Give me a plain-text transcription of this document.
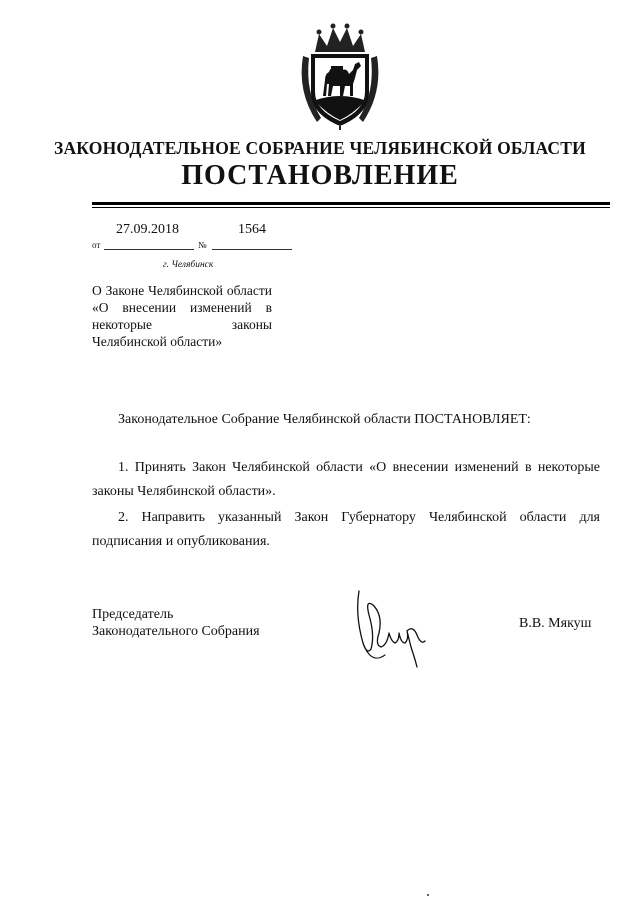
ЗАКОНОДАТЕЛЬНОЕ СОБРАНИЕ ЧЕЛЯБИНСКОЙ ОБЛАСТИ
ПОСТАНОВЛЕНИЕ
27.09.2018	1564
от	№
г. Челябинск
О Законе Челябинской области «О внесении изменений в некоторые законы Челябинской области»
Законодательное Собрание Челябинской области ПОСТАНОВЛЯЕТ:
1. Принять Закон Челябинской области «О внесении изменений в некоторые законы Челябинской области».
2. Направить указанный Закон Губернатору Челябинской области для подписания и опубликования.
Председатель
Законодательного Собрания
В.В. Мякуш
